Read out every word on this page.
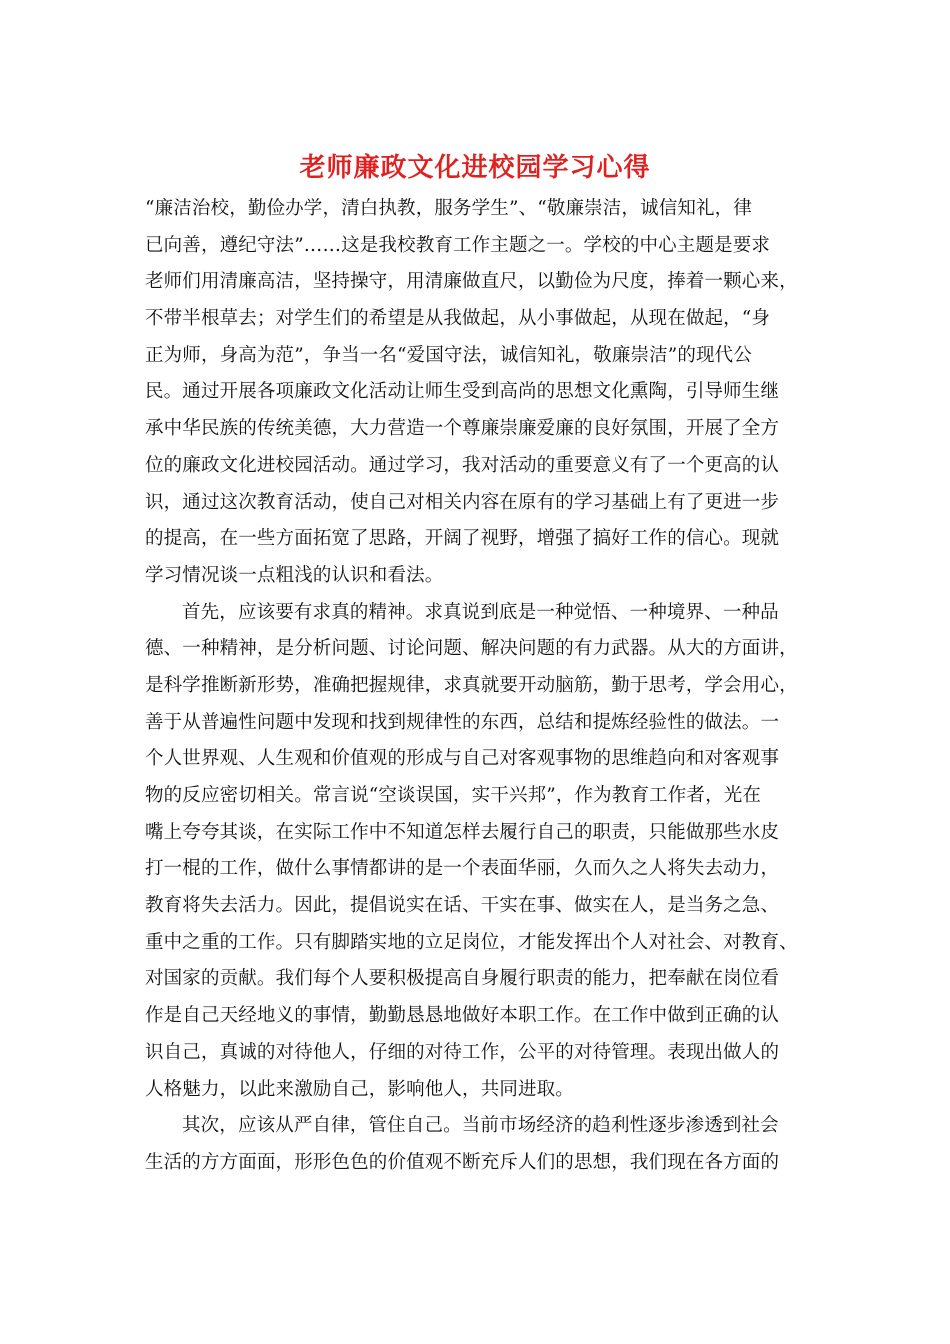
老师廉政文化进校园学习心得
“廉洁治校，勤俭办学，清白执教，服务学生”、“敬廉崇洁，诚信知礼，律
已向善，遵纪守法”……这是我校教育工作主题之一。学校的中心主题是要求
老师们用清廉高洁，坚持操守，用清廉做直尺，以勤俭为尺度，捧着一颗心来，
不带半根草去；对学生们的希望是从我做起，从小事做起，从现在做起，“身
正为师，身高为范”，争当一名“爱国守法，诚信知礼，敬廉崇洁”的现代公
民。通过开展各项廉政文化活动让师生受到高尚的思想文化熏陶，引导师生继
承中华民族的传统美德，大力营造一个尊廉崇廉爱廉的良好氛围，开展了全方
位的廉政文化进校园活动。通过学习，我对活动的重要意义有了一个更高的认
识，通过这次教育活动，使自己对相关内容在原有的学习基础上有了更进一步
的提高，在一些方面拓宽了思路，开阔了视野，增强了搞好工作的信心。现就
学习情况谈一点粗浅的认识和看法。
首先，应该要有求真的精神。求真说到底是一种觉悟、一种境界、一种品
德、一种精神，是分析问题、讨论问题、解决问题的有力武器。从大的方面讲，
是科学推断新形势，准确把握规律，求真就要开动脑筋，勤于思考，学会用心，
善于从普遍性问题中发现和找到规律性的东西，总结和提炼经验性的做法。一
个人世界观、人生观和价值观的形成与自己对客观事物的思维趋向和对客观事
物的反应密切相关。常言说“空谈误国，实干兴邦”，作为教育工作者，光在
嘴上夸夸其谈，在实际工作中不知道怎样去履行自己的职责，只能做那些水皮
打一棍的工作，做什么事情都讲的是一个表面华丽，久而久之人将失去动力，
教育将失去活力。因此，提倡说实在话、干实在事、做实在人，是当务之急、
重中之重的工作。只有脚踏实地的立足岗位，才能发挥出个人对社会、对教育、
对国家的贡献。我们每个人要积极提高自身履行职责的能力，把奉献在岗位看
作是自己天经地义的事情，勤勤恳恳地做好本职工作。在工作中做到正确的认
识自己，真诚的对待他人，仔细的对待工作，公平的对待管理。表现出做人的
人格魅力，以此来激励自己，影响他人，共同进取。
其次，应该从严自律，管住自己。当前市场经济的趋利性逐步渗透到社会
生活的方方面面，形形色色的价值观不断充斥人们的思想，我们现在各方面的
